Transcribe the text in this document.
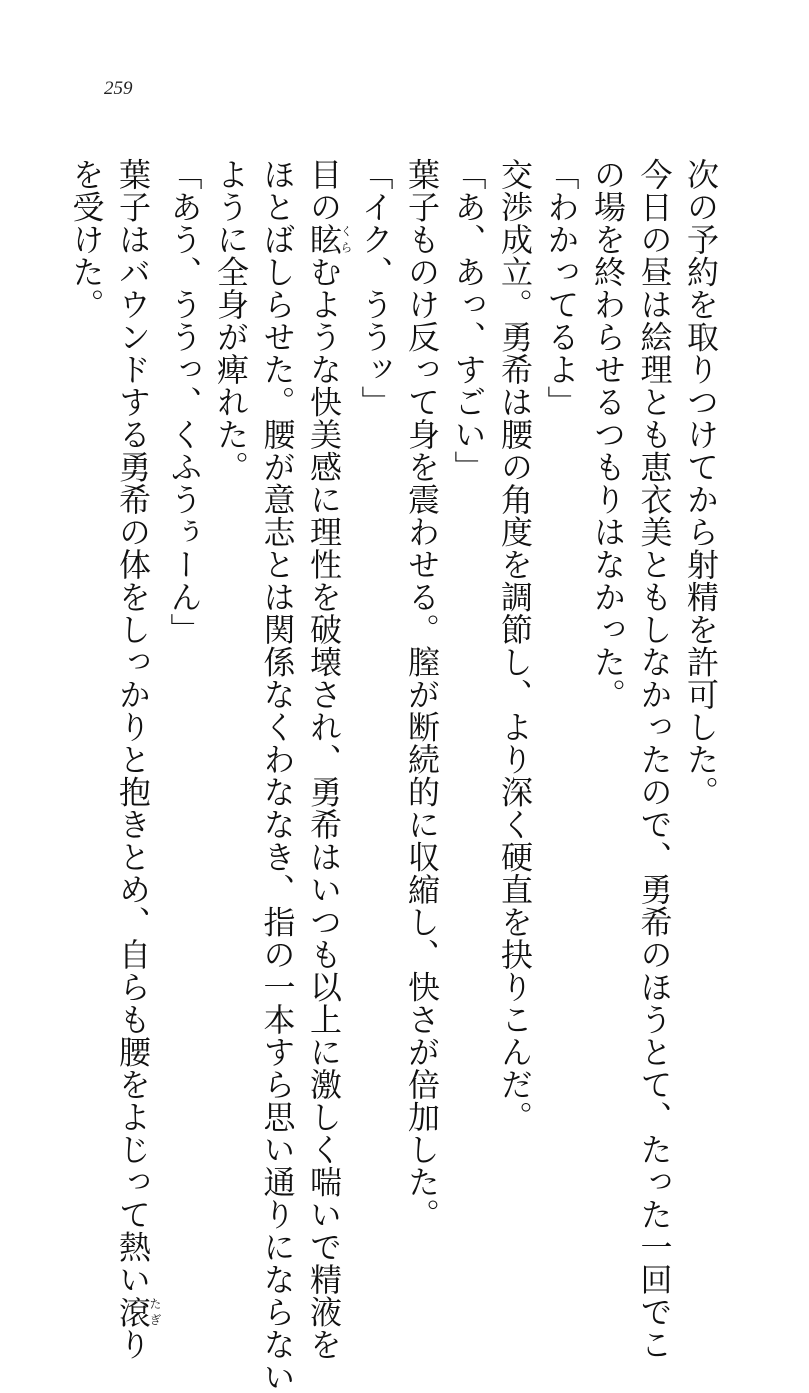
259

次の予約を取りつけてから射精を許可した。

今日の昼は絵理とも恵衣美ともしなかったので、勇希のほうとて、たった一回でこ

の場を終わらせるつもりはなかった。

「わかってるよ」

交渉成立。勇希は腰の角度を調節し、より深く硬直を抉りこんだ。

「あ、あっ、すごい」

葉子ものけ反って身を震わせる。膣が断続的に収縮し、快さが倍加した。

「イク、ううッ」

目の眩くらむような快美感に理性を破壊され、勇希はいつも以上に激しく喘いで精液を

ほとばしらせた。腰が意志とは関係なくわななき、指の一本すら思い通りにならない

ように全身が痺れた。

「あう、ううっ、くふうぅーん」

葉子はバウンドする勇希の体をしっかりと抱きとめ、自らも腰をよじって熱い滾たぎり

を受けた。
